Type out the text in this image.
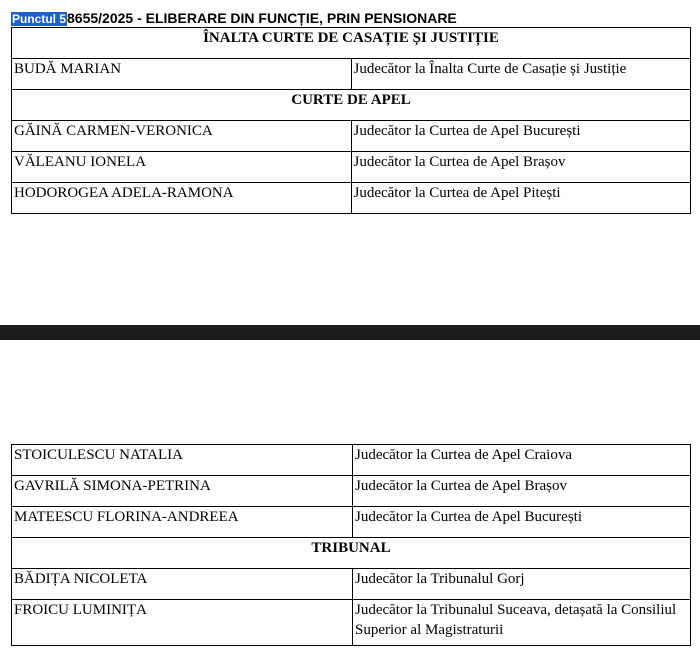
Punctul 58655/2025 - ELIBERARE DIN FUNCȚIE, PRIN PENSIONARE
ÎNALTA CURTE DE CASAȚIE ȘI JUSTIȚIE	
BUDĂ MARIAN	Judecător la Înalta Curte de Casație și Justiție
CURTE DE APEL	
GĂINĂ CARMEN-VERONICA	Judecător la Curtea de Apel București
VĂLEANU IONELA	Judecător la Curtea de Apel Brașov
HODOROGEA ADELA-RAMONA	Judecător la Curtea de Apel Pitești
STOICULESCU NATALIA	Judecător la Curtea de Apel Craiova
GAVRILĂ SIMONA-PETRINA	Judecător la Curtea de Apel Brașov
MATEESCU FLORINA-ANDREEA	Judecător la Curtea de Apel București
TRIBUNAL	
BĂDIȚA NICOLETA	Judecător la Tribunalul Gorj
FROICU LUMINIȚA	Judecător la Tribunalul Suceava, detașată la Consiliul Superior al Magistraturii
